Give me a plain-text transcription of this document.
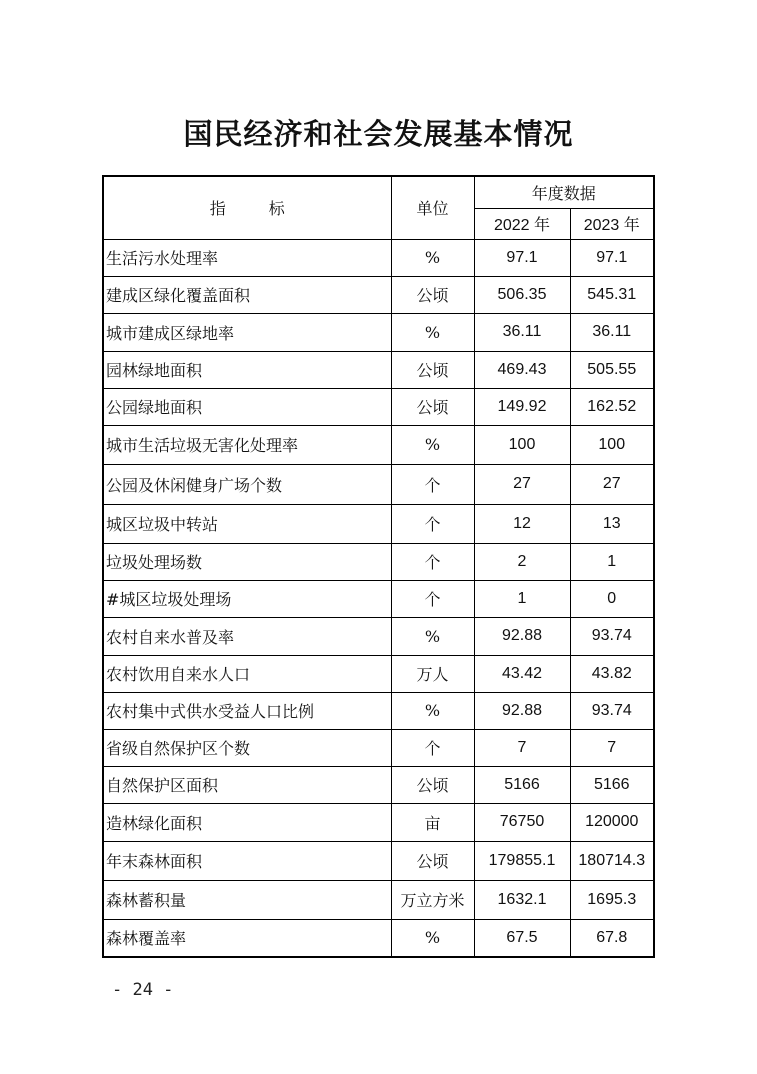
国民经济和社会发展基本情况
指 标	单位	年度数据	
		2022 年	2023 年
生活污水处理率	%	97.1	97.1
建成区绿化覆盖面积	公顷	506.35	545.31
城市建成区绿地率	%	36.11	36.11
园林绿地面积	公顷	469.43	505.55
公园绿地面积	公顷	149.92	162.52
城市生活垃圾无害化处理率	%	100	100
公园及休闲健身广场个数	个	27	27
城区垃圾中转站	个	12	13
垃圾处理场数	个	2	1
#城区垃圾处理场	个	1	0
农村自来水普及率	%	92.88	93.74
农村饮用自来水人口	万人	43.42	43.82
农村集中式供水受益人口比例	%	92.88	93.74
省级自然保护区个数	个	7	7
自然保护区面积	公顷	5166	5166
造林绿化面积	亩	76750	120000
年末森林面积	公顷	179855.1	180714.3
森林蓄积量	万立方米	1632.1	1695.3
森林覆盖率	%	67.5	67.8
- 24 -
